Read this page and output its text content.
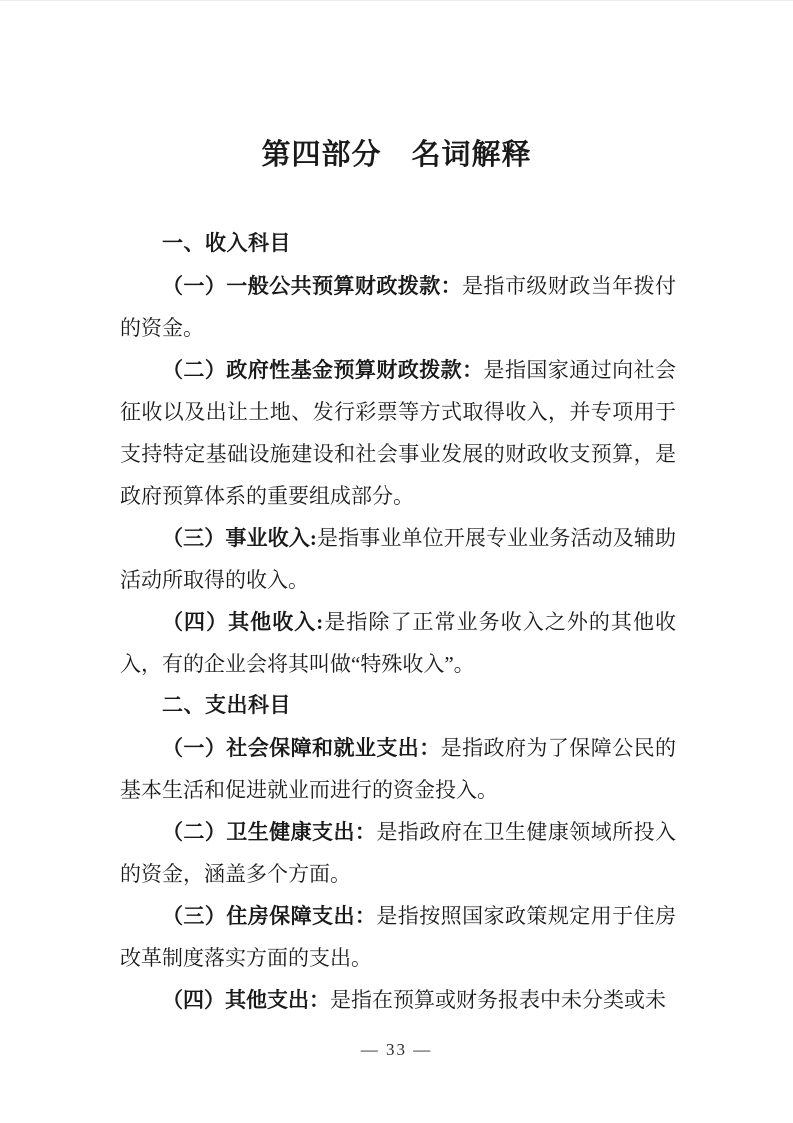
第四部分　名词解释

一、收入科目

（一）一般公共预算财政拨款：是指市级财政当年拨付的资金。

（二）政府性基金预算财政拨款：是指国家通过向社会征收以及出让土地、发行彩票等方式取得收入，并专项用于支持特定基础设施建设和社会事业发展的财政收支预算，是政府预算体系的重要组成部分。

（三）事业收入:是指事业单位开展专业业务活动及辅助活动所取得的收入。

（四）其他收入:是指除了正常业务收入之外的其他收入，有的企业会将其叫做“特殊收入”。

二、支出科目

（一）社会保障和就业支出：是指政府为了保障公民的基本生活和促进就业而进行的资金投入。

（二）卫生健康支出：是指政府在卫生健康领域所投入的资金，涵盖多个方面。

（三）住房保障支出：是指按照国家政策规定用于住房改革制度落实方面的支出。

（四）其他支出：是指在预算或财务报表中未分类或未

— 33 —
